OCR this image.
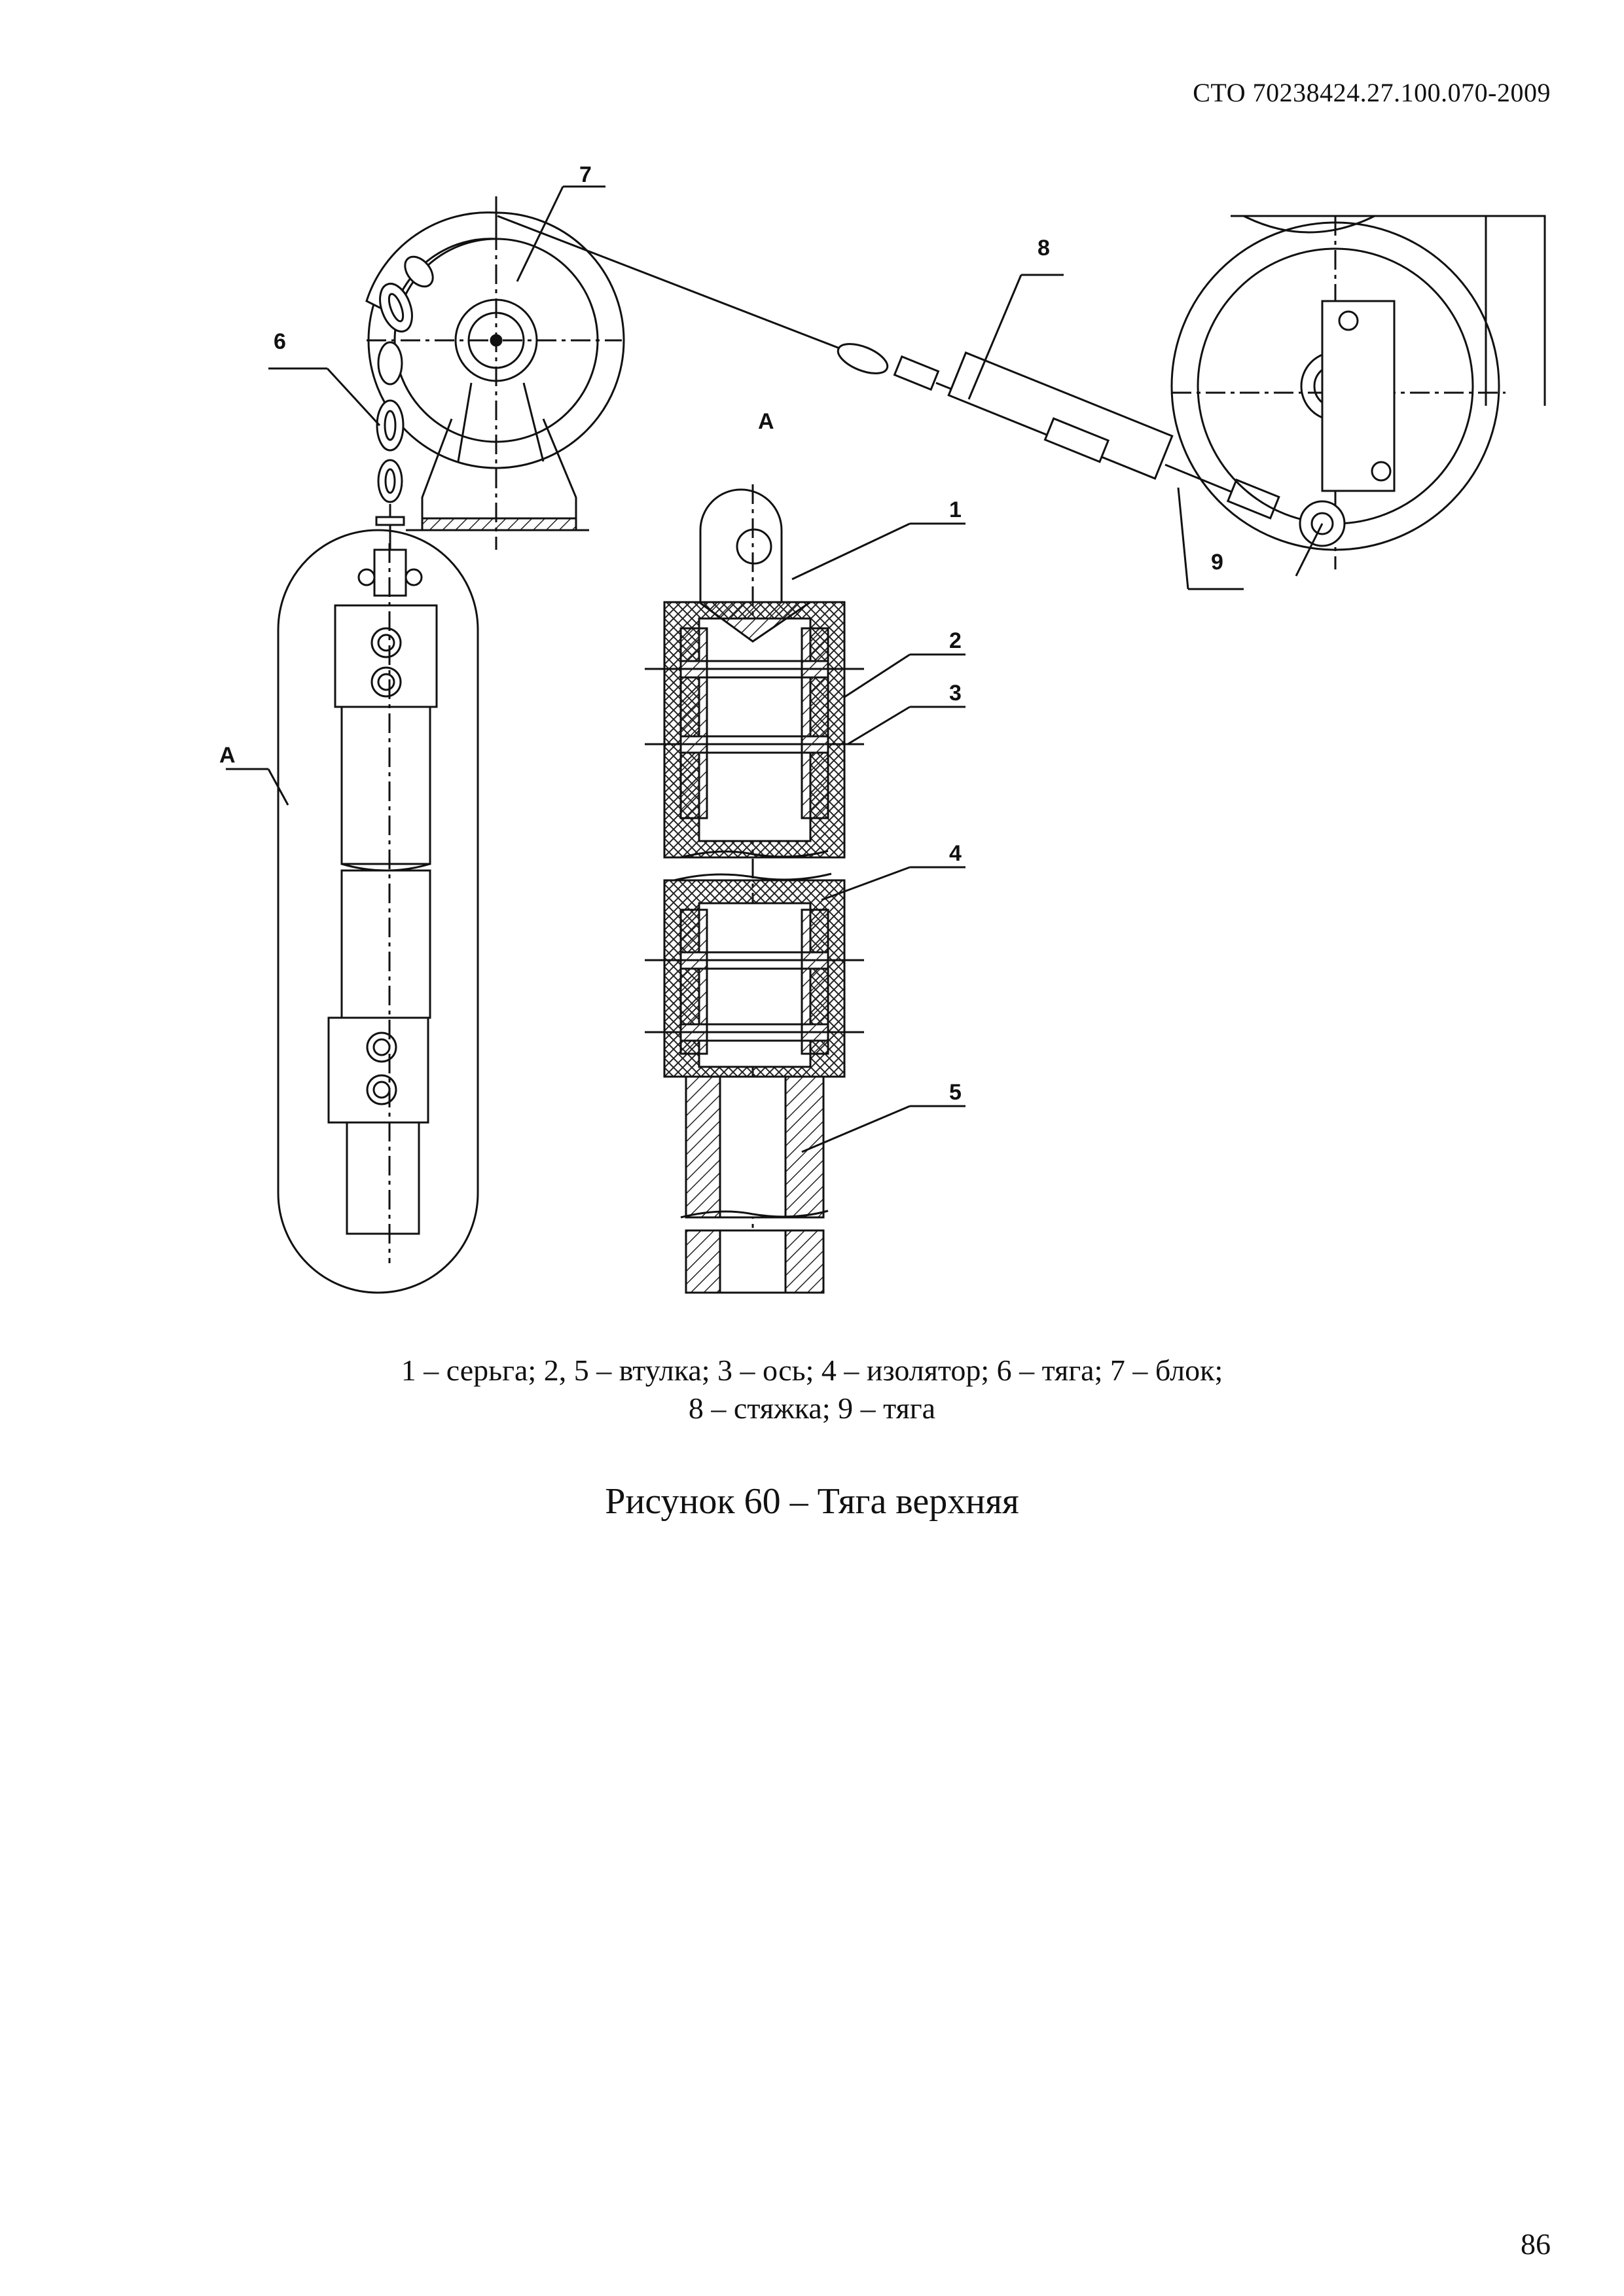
СТО 70238424.27.100.070-2009
7
6
8
9
А
1
2
3
4
5
А
1 – серьга; 2, 5 – втулка; 3 – ось; 4 – изолятор; 6 – тяга; 7 – блок;
8 – стяжка; 9 – тяга
Рисунок 60 – Тяга верхняя
86
